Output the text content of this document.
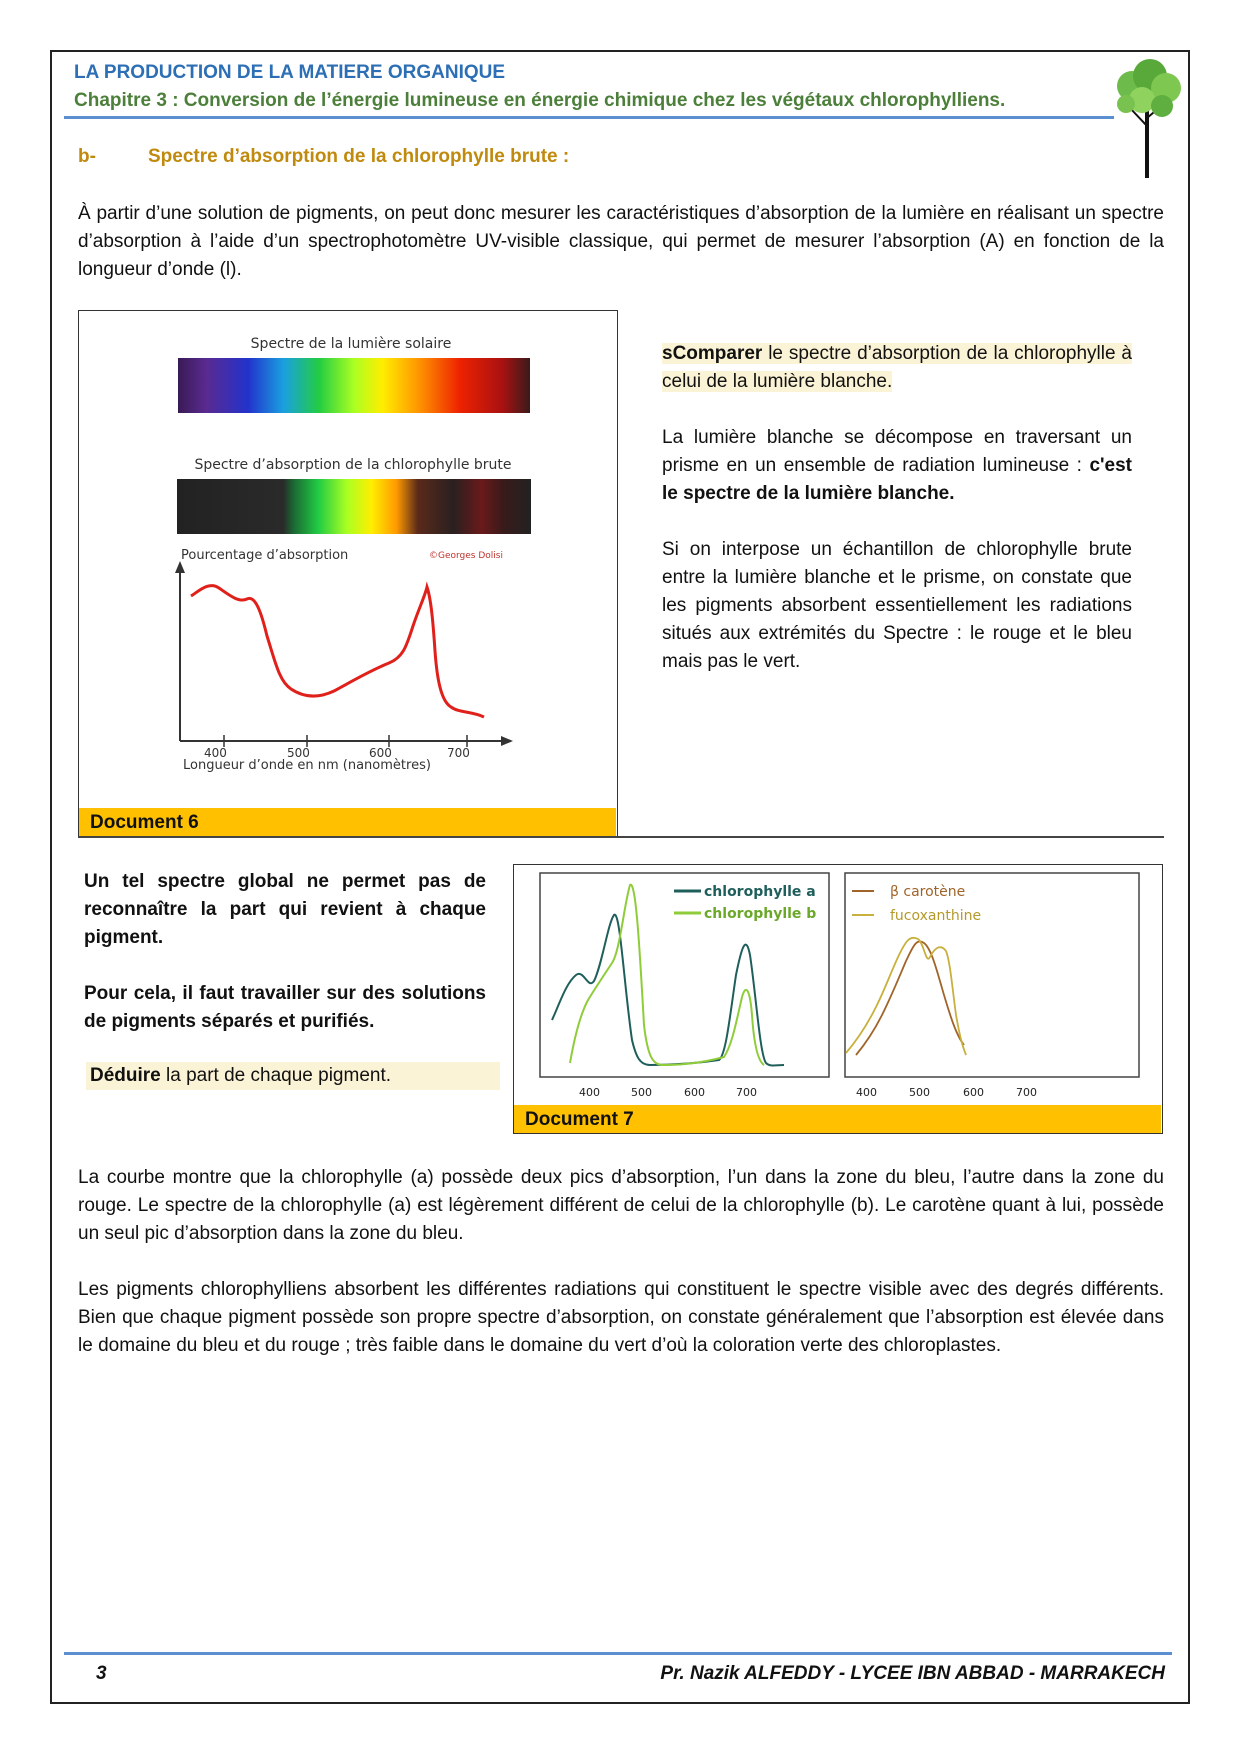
LA PRODUCTION DE LA MATIERE ORGANIQUE
Chapitre 3 : Conversion de l’énergie lumineuse en énergie chimique chez les végétaux chlorophylliens.
b-	Spectre d’absorption de la chlorophylle brute :
À partir d’une solution de pigments, on peut donc mesurer les caractéristiques d’absorption de la lumière en réalisant un spectre d’absorption à l’aide d’un spectrophotomètre UV-visible classique, qui permet de mesurer l’absorption (A) en fonction de la longueur d’onde (l).
Spectre de la lumière solaire
Spectre d’absorption de la chlorophylle brute
Pourcentage d’absorption	©Georges Dolisi
400	500	600	700
Longueur d’onde en nm (nanomètres)
Document 6
sComparer le spectre d’absorption de la chlorophylle à celui de la lumière blanche.
La lumière blanche se décompose en traversant un prisme en un ensemble de radiation lumineuse : c'est le spectre de la lumière blanche.
Si on interpose un échantillon de chlorophylle brute entre la lumière blanche et le prisme, on constate que les pigments absorbent essentiellement les radiations situés aux extrémités du Spectre : le rouge et le bleu mais pas le vert.
Un tel spectre global ne permet pas de reconnaître la part qui revient à chaque pigment.
Pour cela, il faut travailler sur des solutions de pigments séparés et purifiés.
Déduire la part de chaque pigment.
chlorophylle a
chlorophylle b
β carotène
fucoxanthine
400	500	600	700	400	500	600	700
Document 7
La courbe montre que la chlorophylle (a) possède deux pics d’absorption, l’un dans la zone du bleu, l’autre dans la zone du rouge. Le spectre de la chlorophylle (a) est légèrement différent de celui de la chlorophylle (b). Le carotène quant à lui, possède un seul pic d’absorption dans la zone du bleu.
Les pigments chlorophylliens absorbent les différentes radiations qui constituent le spectre visible avec des degrés différents. Bien que chaque pigment possède son propre spectre d’absorption, on constate généralement que l’absorption est élevée dans le domaine du bleu et du rouge ; très faible dans le domaine du vert d’où la coloration verte des chloroplastes.
3	Pr. Nazik ALFEDDY - LYCEE IBN ABBAD - MARRAKECH
